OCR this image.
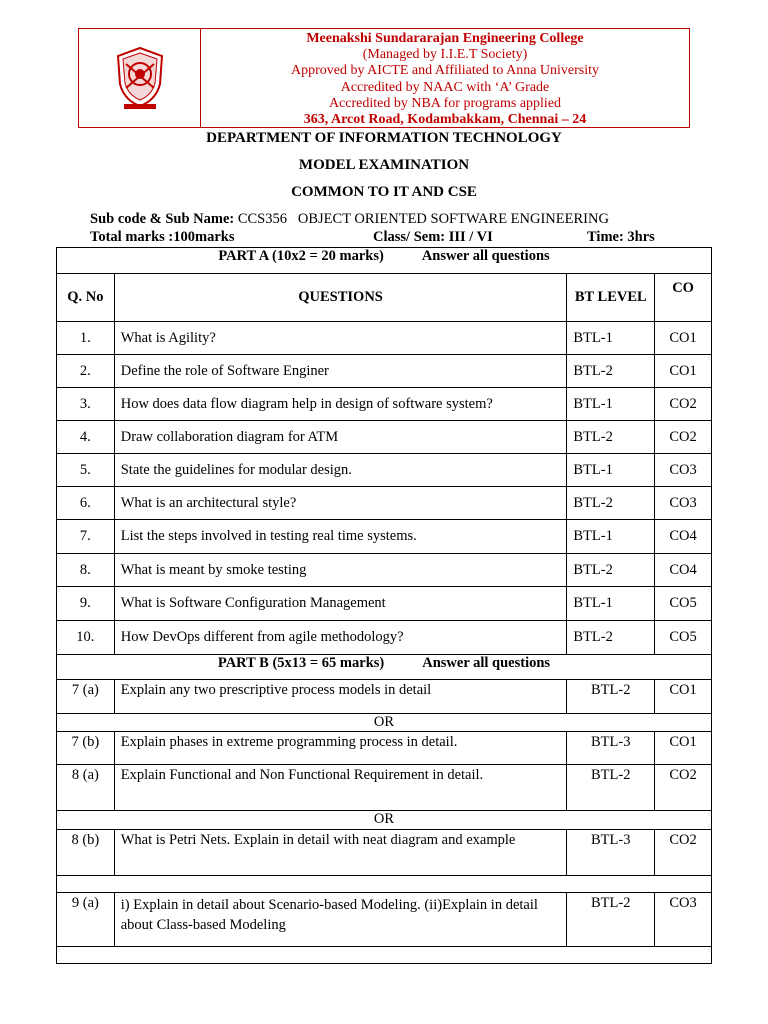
Meenakshi Sundararajan Engineering College
(Managed by I.I.E.T Society)
Approved by AICTE and Affiliated to Anna University
Accredited by NAAC with ‘A’ Grade
Accredited by NBA for programs applied
363, Arcot Road, Kodambakkam, Chennai – 24
DEPARTMENT OF INFORMATION TECHNOLOGY
MODEL EXAMINATION
COMMON TO IT AND CSE
Sub code & Sub Name: CCS356   OBJECT ORIENTED SOFTWARE ENGINEERING
Total marks :100marks	Class/ Sem: III / VI	Time: 3hrs
PART A (10x2 = 20 marks) Answer all questions			
Q. No	QUESTIONS	BT LEVEL	CO
1.	What is Agility?	BTL-1	CO1
2.	Define the role of Software Enginer	BTL-2	CO1
3.	How does data flow diagram help in design of software system?	BTL-1	CO2
4.	Draw collaboration diagram for ATM	BTL-2	CO2
5.	State the guidelines for modular design.	BTL-1	CO3
6.	What is an architectural style?	BTL-2	CO3
7.	List the steps involved in testing real time systems.	BTL-1	CO4
8.	What is meant by smoke testing	BTL-2	CO4
9.	What is Software Configuration Management	BTL-1	CO5
10.	How DevOps different from agile methodology?	BTL-2	CO5
PART B (5x13 = 65 marks) Answer all questions			
7 (a)	Explain any two prescriptive process models in detail	BTL-2	CO1
OR			
7 (b)	Explain phases in extreme programming process in detail.	BTL-3	CO1
8 (a)	Explain Functional and Non Functional Requirement in detail.	BTL-2	CO2
OR			
8 (b)	What is Petri Nets. Explain in detail with neat diagram and example	BTL-3	CO2

9 (a)	i) Explain in detail about Scenario-based Modeling. (ii)Explain in detail about Class-based Modeling	BTL-2	CO3
